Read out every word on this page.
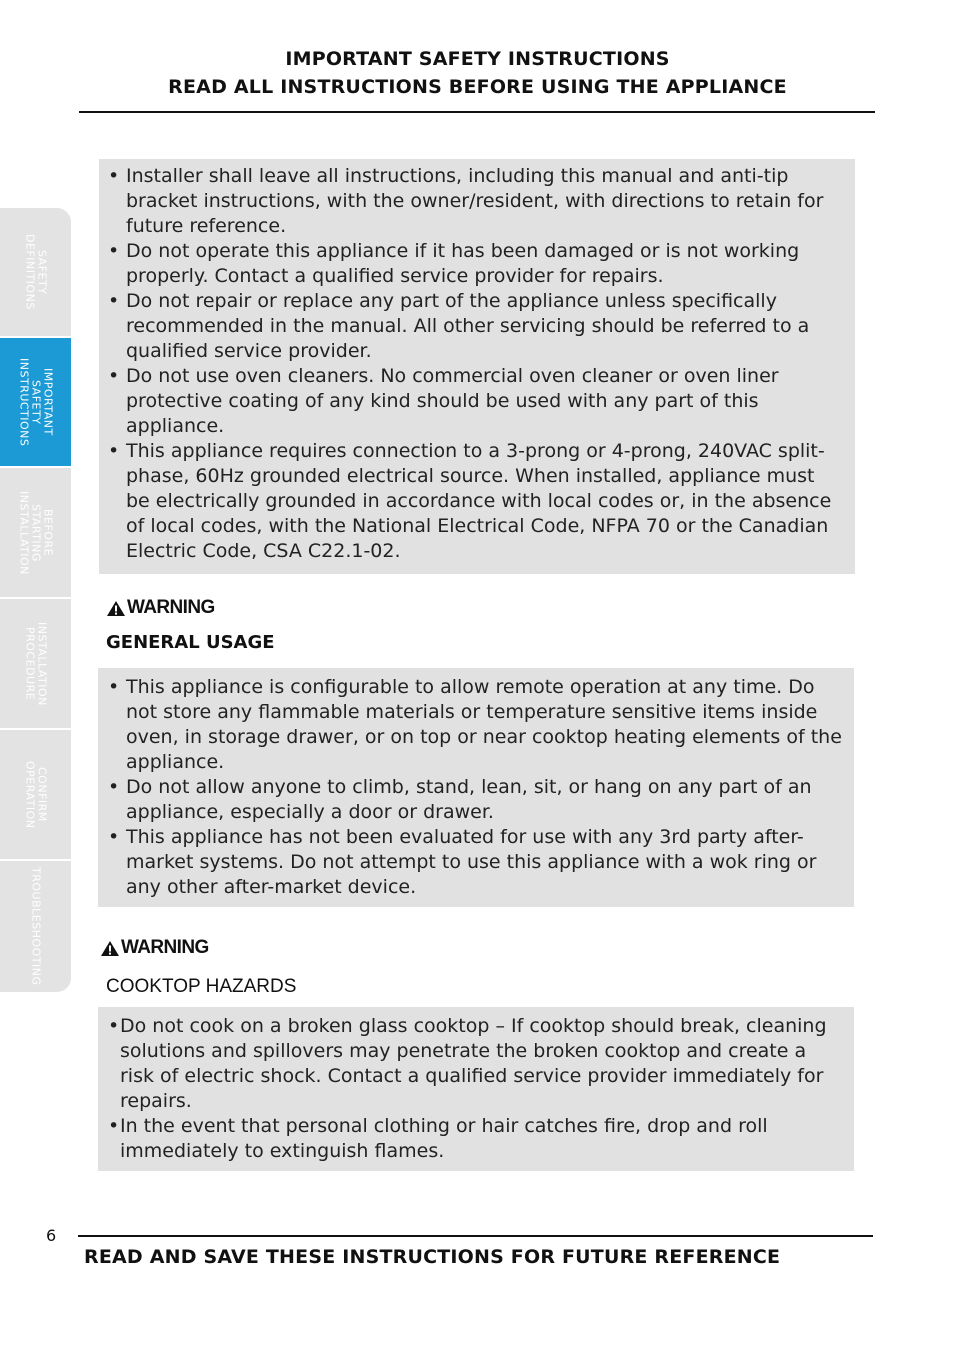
IMPORTANT SAFETY INSTRUCTIONS
READ ALL INSTRUCTIONS BEFORE USING THE APPLIANCE
SAFETY
DEFINITIONS
IMPORTANT
SAFETY
INSTRUCTIONS
BEFORE
STARTING
INSTALLATION
INSTALLATION
PROCEDURE
CONFIRM
OPERATION
TROUBLESHOOTING
• Installer shall leave all instructions, including this manual and anti-tip bracket instructions, with the owner/resident, with directions to retain for future reference.
• Do not operate this appliance if it has been damaged or is not working properly. Contact a qualified service provider for repairs.
• Do not repair or replace any part of the appliance unless specifically recommended in the manual. All other servicing should be referred to a qualified service provider.
• Do not use oven cleaners. No commercial oven cleaner or oven liner protective coating of any kind should be used with any part of this appliance.
• This appliance requires connection to a 3-prong or 4-prong, 240VAC split-phase, 60Hz grounded electrical source. When installed, appliance must be electrically grounded in accordance with local codes or, in the absence of local codes, with the National Electrical Code, NFPA 70 or the Canadian Electric Code, CSA C22.1-02.
WARNING
GENERAL USAGE
• This appliance is configurable to allow remote operation at any time. Do not store any flammable materials or temperature sensitive items inside oven, in storage drawer, or on top or near cooktop heating elements of the appliance.
• Do not allow anyone to climb, stand, lean, sit, or hang on any part of an appliance, especially a door or drawer.
• This appliance has not been evaluated for use with any 3rd party after-market systems. Do not attempt to use this appliance with a wok ring or any other after-market device.
WARNING
COOKTOP HAZARDS
• Do not cook on a broken glass cooktop – If cooktop should break, cleaning solutions and spillovers may penetrate the broken cooktop and create a risk of electric shock. Contact a qualified service provider immediately for repairs.
• In the event that personal clothing or hair catches fire, drop and roll immediately to extinguish flames.
6
READ AND SAVE THESE INSTRUCTIONS FOR FUTURE REFERENCE
